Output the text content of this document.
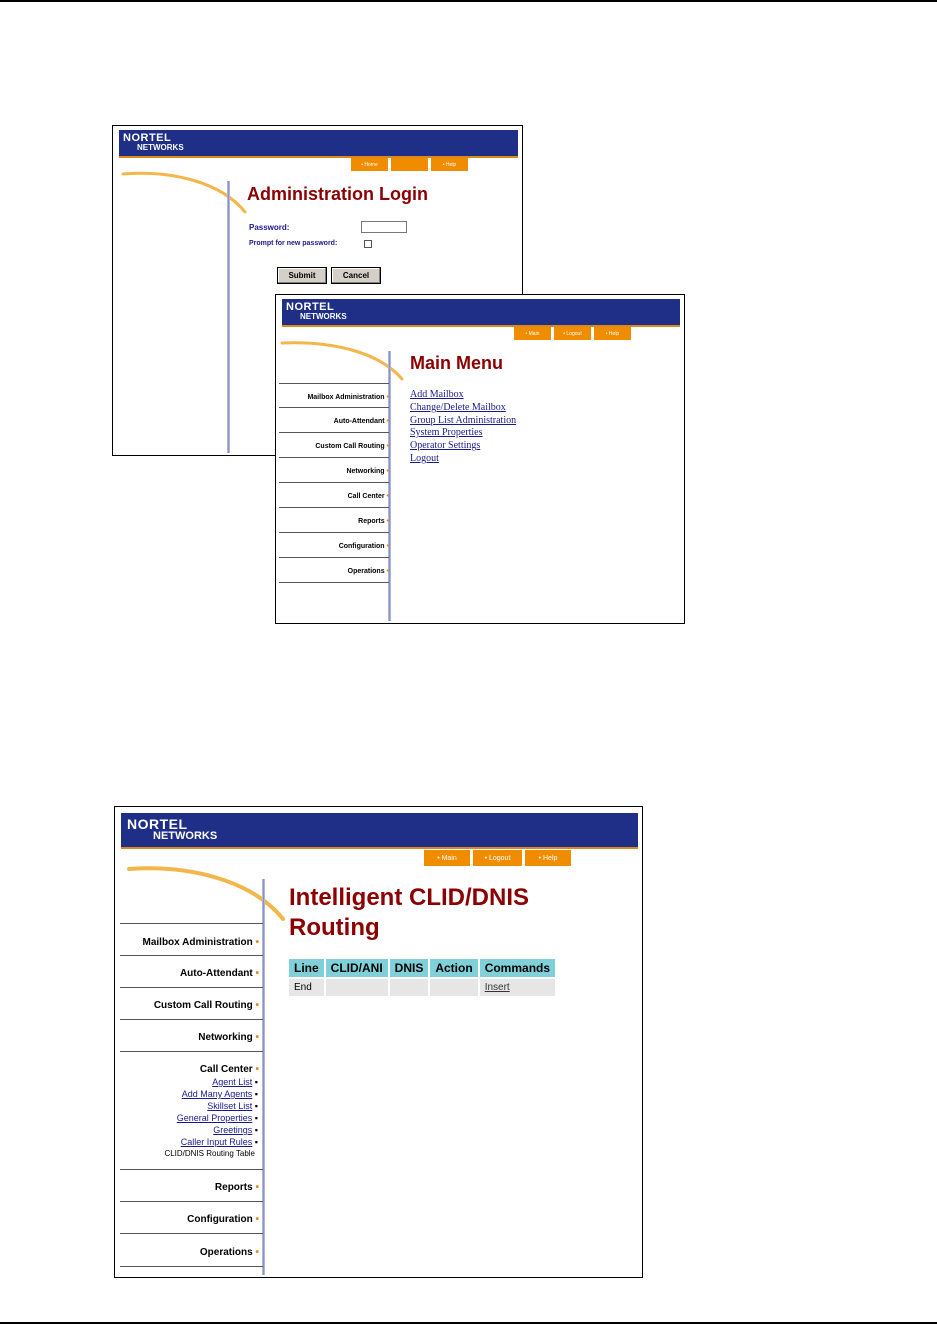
NORTEL
NETWORKS
• Home	• Help
Administration Login
Password:
Prompt for new password:
Submit	Cancel
NORTEL
NETWORKS
• Main	• Logout	• Help
Main Menu
Mailbox Administration •
Auto-Attendant •
Custom Call Routing •
Networking •
Call Center •
Reports •
Configuration •
Operations •
Add Mailbox
Change/Delete Mailbox
Group List Administration
System Properties
Operator Settings
Logout
NORTEL
NETWORKS
• Main	• Logout	• Help
Intelligent CLID/DNIS
Routing
Mailbox Administration •
Auto-Attendant •
Custom Call Routing •
Networking •
Call Center •
Agent List ▪
Add Many Agents ▪
Skillset List ▪
General Properties ▪
Greetings ▪
Caller Input Rules ▪
CLID/DNIS Routing Table
Reports •
Configuration •
Operations •
Line	CLID/ANI	DNIS	Action	Commands
End				Insert
